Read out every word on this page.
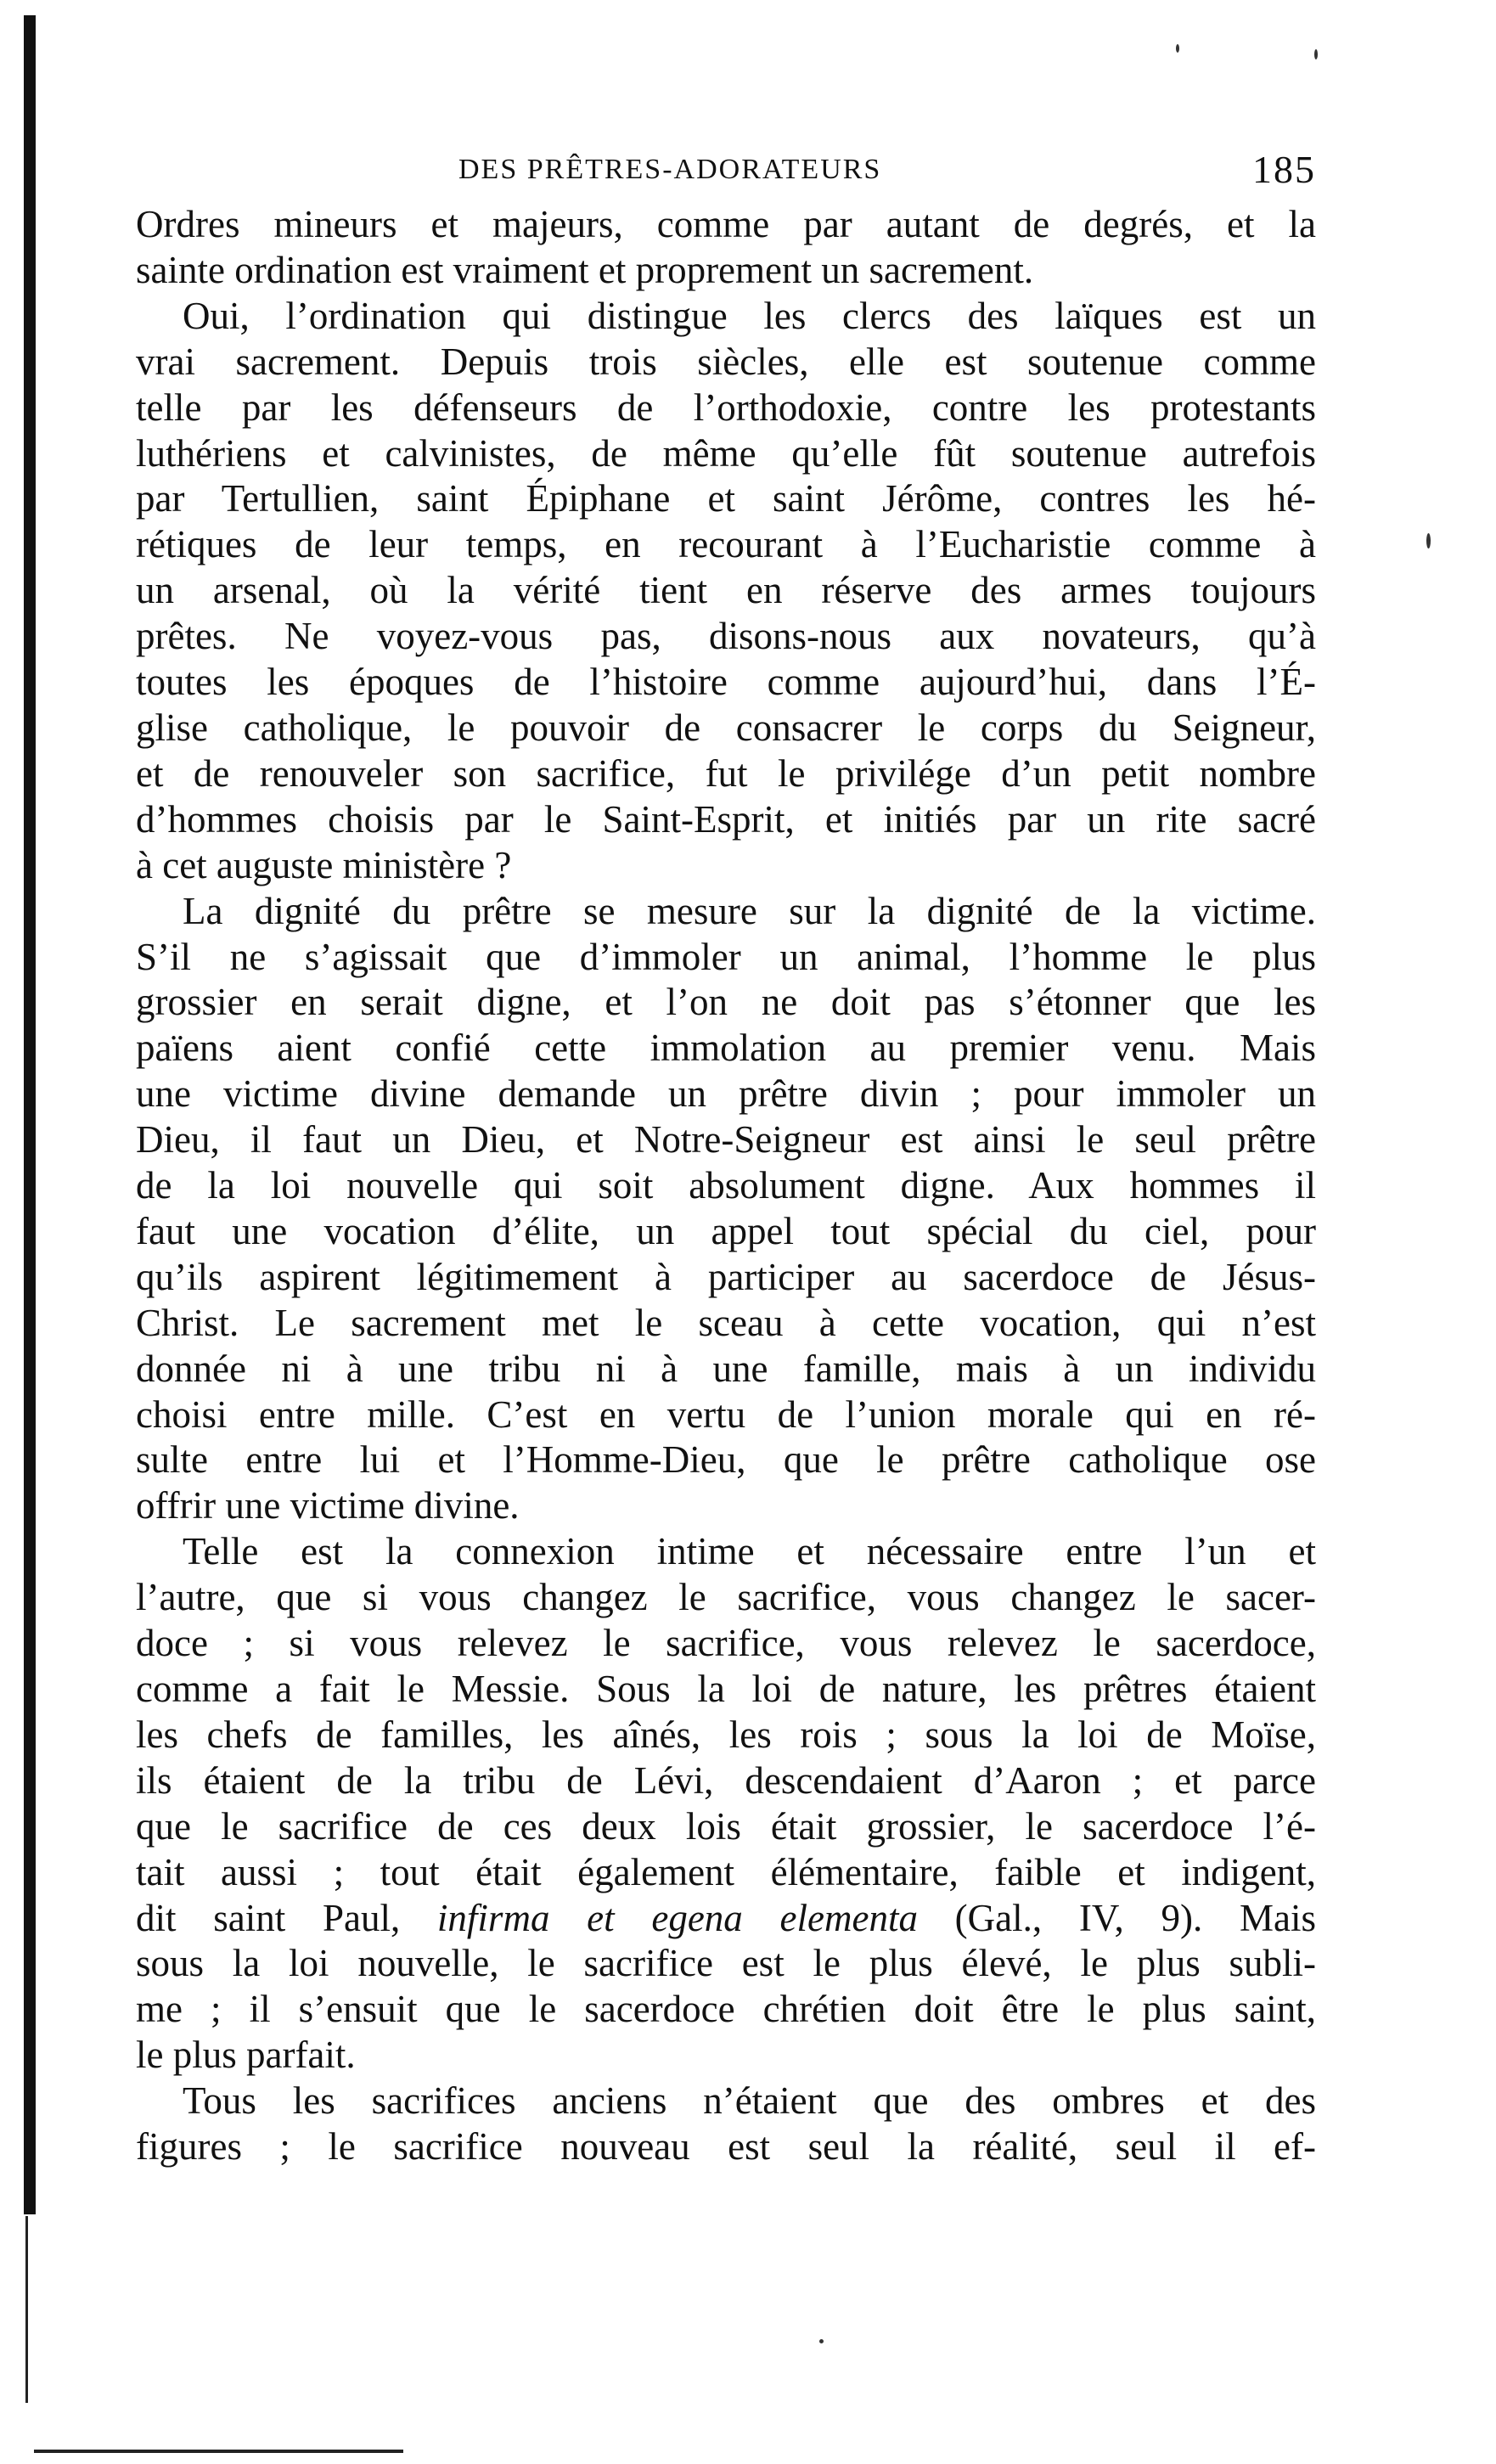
DES PRÊTRES-ADORATEURS	185

Ordres mineurs et majeurs, comme par autant de degrés, et la
sainte ordination est vraiment et proprement un sacrement.

Oui, l’ordination qui distingue les clercs des laïques est un
vrai sacrement. Depuis trois siècles, elle est soutenue comme
telle par les défenseurs de l’orthodoxie, contre les protestants
luthériens et calvinistes, de même qu’elle fût soutenue autrefois
par Tertullien, saint Épiphane et saint Jérôme, contres les hé-
rétiques de leur temps, en recourant à l’Eucharistie comme à
un arsenal, où la vérité tient en réserve des armes toujours
prêtes. Ne voyez-vous pas, disons-nous aux novateurs, qu’à
toutes les époques de l’histoire comme aujourd’hui, dans l’É-
glise catholique, le pouvoir de consacrer le corps du Seigneur,
et de renouveler son sacrifice, fut le privilége d’un petit nombre
d’hommes choisis par le Saint-Esprit, et initiés par un rite sacré
à cet auguste ministère ?

La dignité du prêtre se mesure sur la dignité de la victime.
S’il ne s’agissait que d’immoler un animal, l’homme le plus
grossier en serait digne, et l’on ne doit pas s’étonner que les
païens aient confié cette immolation au premier venu. Mais
une victime divine demande un prêtre divin ; pour immoler un
Dieu, il faut un Dieu, et Notre-Seigneur est ainsi le seul prêtre
de la loi nouvelle qui soit absolument digne. Aux hommes il
faut une vocation d’élite, un appel tout spécial du ciel, pour
qu’ils aspirent légitimement à participer au sacerdoce de Jésus-
Christ. Le sacrement met le sceau à cette vocation, qui n’est
donnée ni à une tribu ni à une famille, mais à un individu
choisi entre mille. C’est en vertu de l’union morale qui en ré-
sulte entre lui et l’Homme-Dieu, que le prêtre catholique ose
offrir une victime divine.

Telle est la connexion intime et nécessaire entre l’un et
l’autre, que si vous changez le sacrifice, vous changez le sacer-
doce ; si vous relevez le sacrifice, vous relevez le sacerdoce,
comme a fait le Messie. Sous la loi de nature, les prêtres étaient
les chefs de familles, les aînés, les rois ; sous la loi de Moïse,
ils étaient de la tribu de Lévi, descendaient d’Aaron ; et parce
que le sacrifice de ces deux lois était grossier, le sacerdoce l’é-
tait aussi ; tout était également élémentaire, faible et indigent,
dit saint Paul, infirma et egena elementa (Gal., IV, 9). Mais
sous la loi nouvelle, le sacrifice est le plus élevé, le plus subli-
me ; il s’ensuit que le sacerdoce chrétien doit être le plus saint,
le plus parfait.

Tous les sacrifices anciens n’étaient que des ombres et des
figures ; le sacrifice nouveau est seul la réalité, seul il ef-
